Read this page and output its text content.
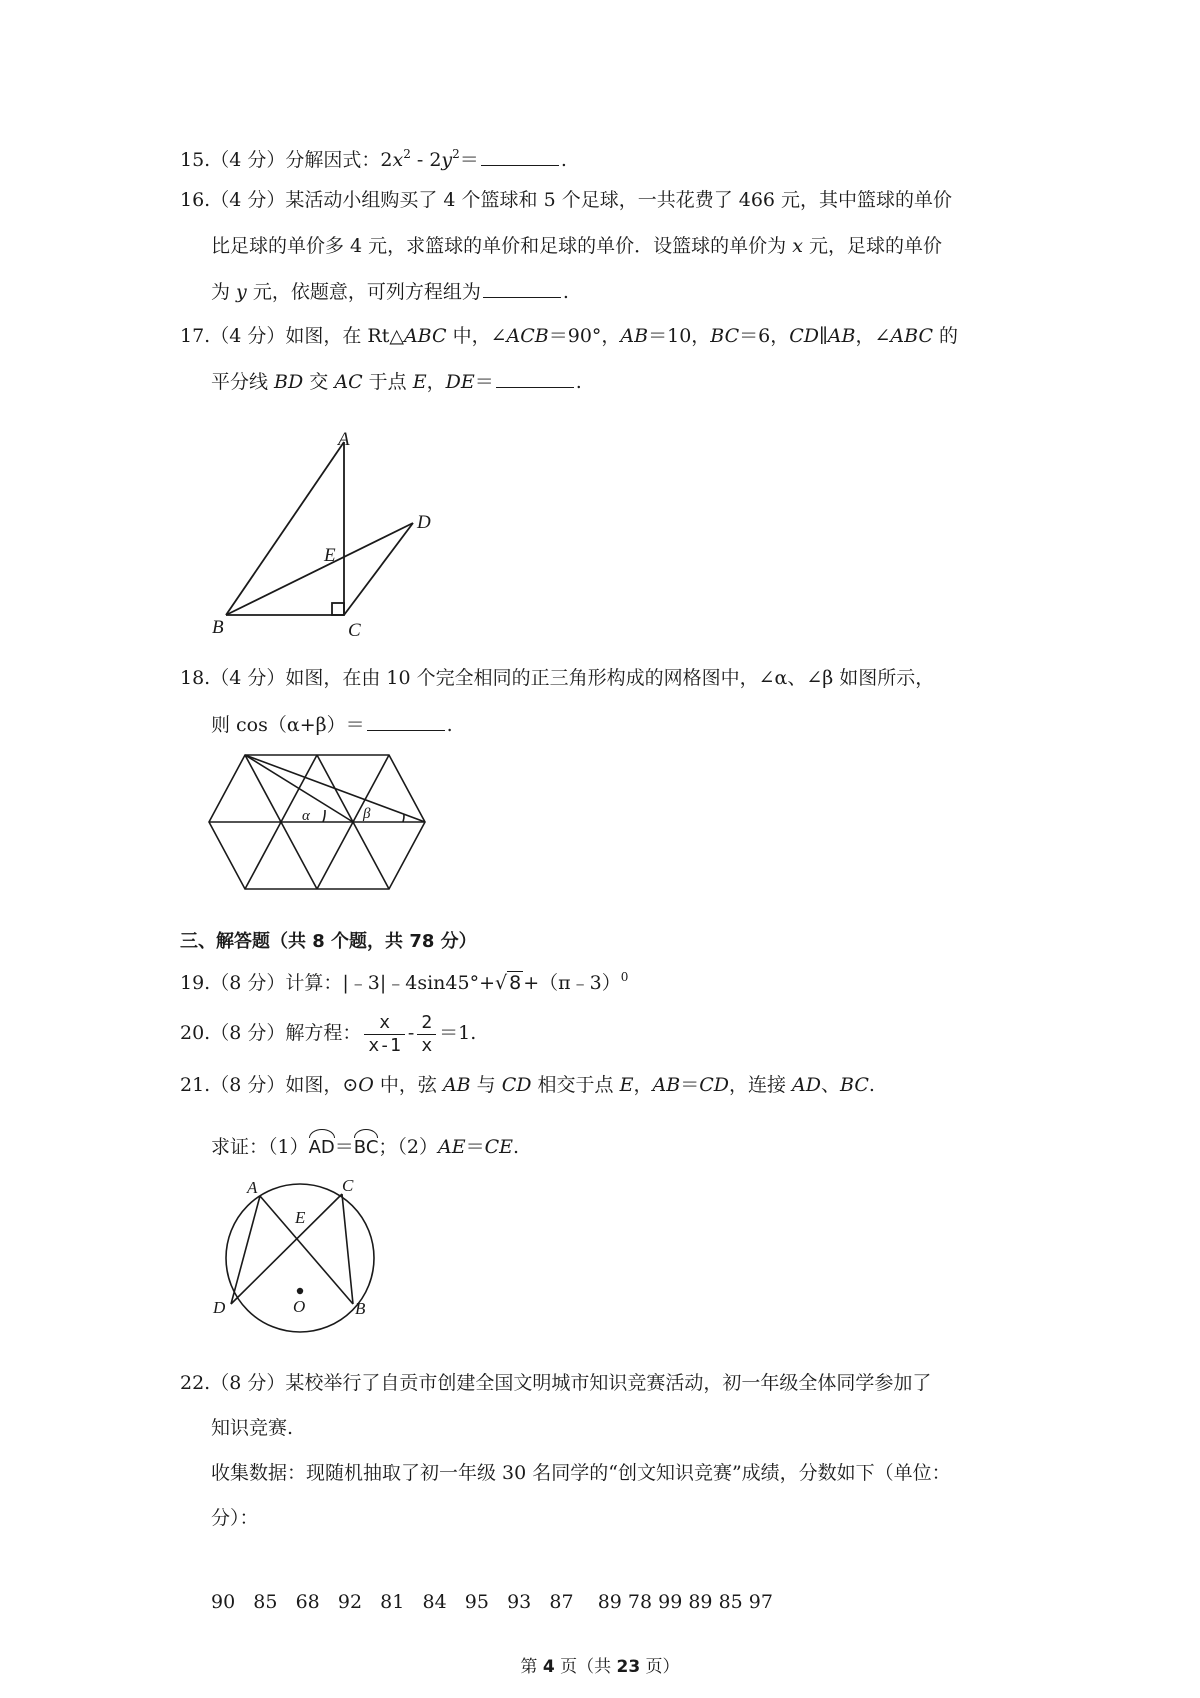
15.（4 分）分解因式：$2x^2 - 2y^2=$	.
16.（4 分）某活动小组购买了 4 个篮球和 5 个足球，一共花费了 466 元，其中篮球的单价
比足球的单价多 4 元，求篮球的单价和足球的单价．设篮球的单价为 x 元，足球的单价
为 y 元，依题意，可列方程组为	.
17.（4 分）如图，在 Rt△ABC 中，∠ACB＝90°，AB＝10，BC＝6，CD∥AB，∠ABC 的
平分线 BD 交 AC 于点 E，DE＝	.
A
B	C
D
E
18.（4 分）如图，在由 10 个完全相同的正三角形构成的网格图中，∠α、∠β 如图所示，
则 cos（α+β）＝	.
α	β
三、解答题（共 8 个题，共 78 分）
19.（8 分）计算：|﹣3|﹣4sin45°+√ 8 +（π﹣3）$^0$
20.（8 分）解方程： $\frac{x}{x-1} - \frac{2}{x} =1$.
21.（8 分）如图，⊙O 中，弦 AB 与 CD 相交于点 E，AB＝CD，连接 AD、BC.
求证：（1）AD＝BC；（2）AE＝CE.
A	C
E
D	O	B
22.（8 分）某校举行了自贡市创建全国文明城市知识竞赛活动，初一年级全体同学参加了
知识竞赛.
收集数据：现随机抽取了初一年级 30 名同学的“创文知识竞赛”成绩，分数如下（单位：
分）：
90   85   68   92   81   84   95   93   87    89 78 99 89 85 97
第 4 页（共 23 页）
